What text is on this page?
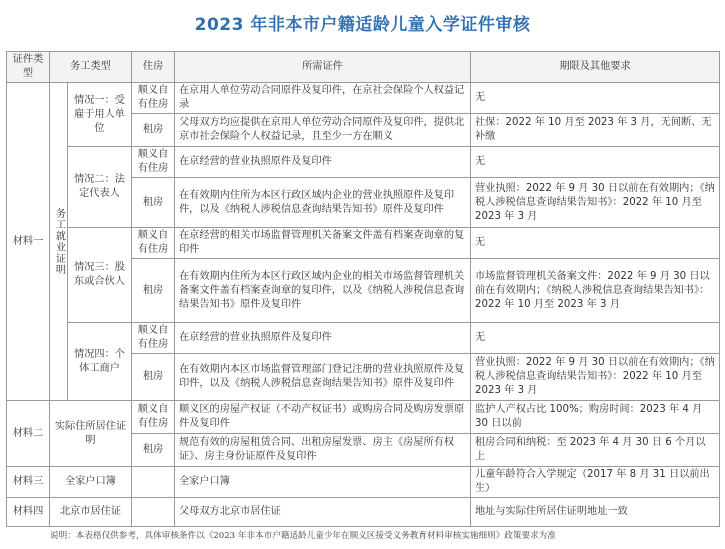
2023 年非本市户籍适龄儿童入学证件审核
证件类型	务工类型		住房	所需证件	期限及其他要求
材料一	务工就业证明	情况一：受雇于用人单位	顺义自有住房	在京用人单位劳动合同原件及复印件，在京社会保险个人权益记录	无
			租房	父母双方均应提供在京用人单位劳动合同原件及复印件，提供北京市社会保险个人权益记录，且至少一方在顺义	社保：2022 年 10 月至 2023 年 3 月，无间断、无补缴
		情况二：法定代表人	顺义自有住房	在京经营的营业执照原件及复印件	无
			租房	在有效期内住所为本区行政区域内企业的营业执照原件及复印件，以及《纳税人涉税信息查询结果告知书》原件及复印件	营业执照：2022 年 9 月 30 日以前在有效期内；《纳税人涉税信息查询结果告知书》：2022 年 10 月至 2023 年 3 月
		情况三：股东或合伙人	顺义自有住房	在京经营的相关市场监督管理机关备案文件盖有档案查询章的复印件	无
			租房	在有效期内住所为本区行政区域内企业的相关市场监督管理机关备案文件盖有档案查询章的复印件，以及《纳税人涉税信息查询结果告知书》原件及复印件	市场监督管理机关备案文件：2022 年 9 月 30 日以前在有效期内；《纳税人涉税信息查询结果告知书》：2022 年 10 月至 2023 年 3 月
		情况四：个体工商户	顺义自有住房	在京经营的营业执照原件及复印件	无
			租房	在有效期内本区市场监督管理部门登记注册的营业执照原件及复印件，以及《纳税人涉税信息查询结果告知书》原件及复印件	营业执照：2022 年 9 月 30 日以前在有效期内；《纳税人涉税信息查询结果告知书》：2022 年 10 月至 2023 年 3 月
材料二	实际住所居住证明		顺义自有住房	顺义区的房屋产权证（不动产权证书）或购房合同及购房发票原件及复印件	监护人产权占比 100%；购房时间：2023 年 4 月 30 日以前
			租房	规范有效的房屋租赁合同、出租房屋发票、房主《房屋所有权证》、房主身份证原件及复印件	租房合同和纳税：至 2023 年 4 月 30 日 6 个月以上
材料三	全家户口簿			全家户口簿	儿童年龄符合入学规定（2017 年 8 月 31 日以前出生）
材料四	北京市居住证			父母双方北京市居住证	地址与实际住所居住证明地址一致
说明：本表格仅供参考，具体审核条件以《2023 年非本市户籍适龄儿童少年在顺义区接受义务教育材料审核实施细则》政策要求为准
